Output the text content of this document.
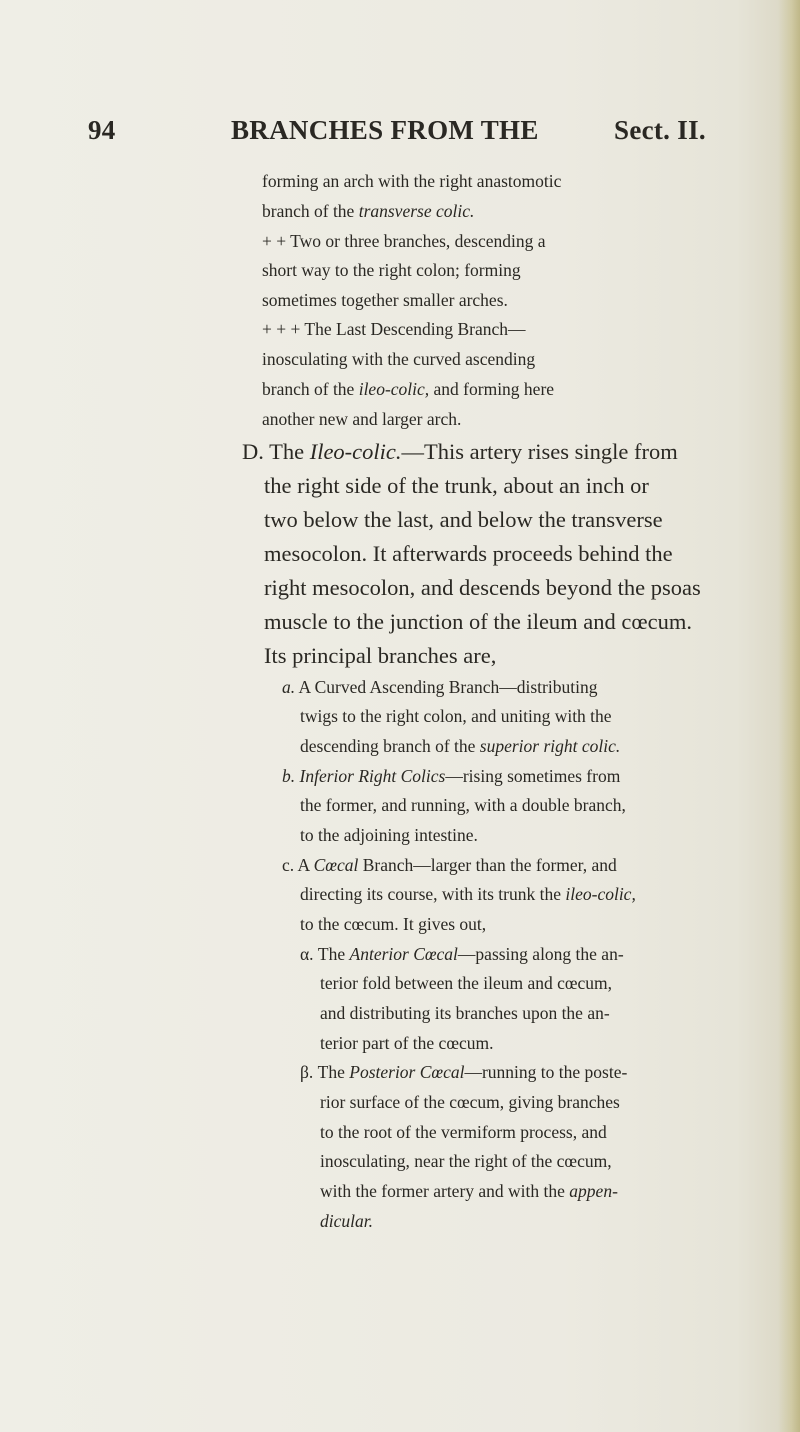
94	BRANCHES FROM THE	Sect. II.
forming an arch with the right anastomotic
branch of the transverse colic.
+ + Two or three branches, descending a
short way to the right colon; forming
sometimes together smaller arches.
+ + + The Last Descending Branch—
inosculating with the curved ascending
branch of the ileo-colic, and forming here
another new and larger arch.
D. The Ileo-colic.—This artery rises single from
the right side of the trunk, about an inch or
two below the last, and below the transverse
mesocolon. It afterwards proceeds behind the
right mesocolon, and descends beyond the psoas
muscle to the junction of the ileum and cœcum.
Its principal branches are,
a. A Curved Ascending Branch—distributing
twigs to the right colon, and uniting with the
descending branch of the superior right colic.
b. Inferior Right Colics—rising sometimes from
the former, and running, with a double branch,
to the adjoining intestine.
c. A Cœcal Branch—larger than the former, and
directing its course, with its trunk the ileo-colic,
to the cœcum. It gives out,
α. The Anterior Cœcal—passing along the an-
terior fold between the ileum and cœcum,
and distributing its branches upon the an-
terior part of the cœcum.
β. The Posterior Cœcal—running to the poste-
rior surface of the cœcum, giving branches
to the root of the vermiform process, and
inosculating, near the right of the cœcum,
with the former artery and with the appen-
dicular.
